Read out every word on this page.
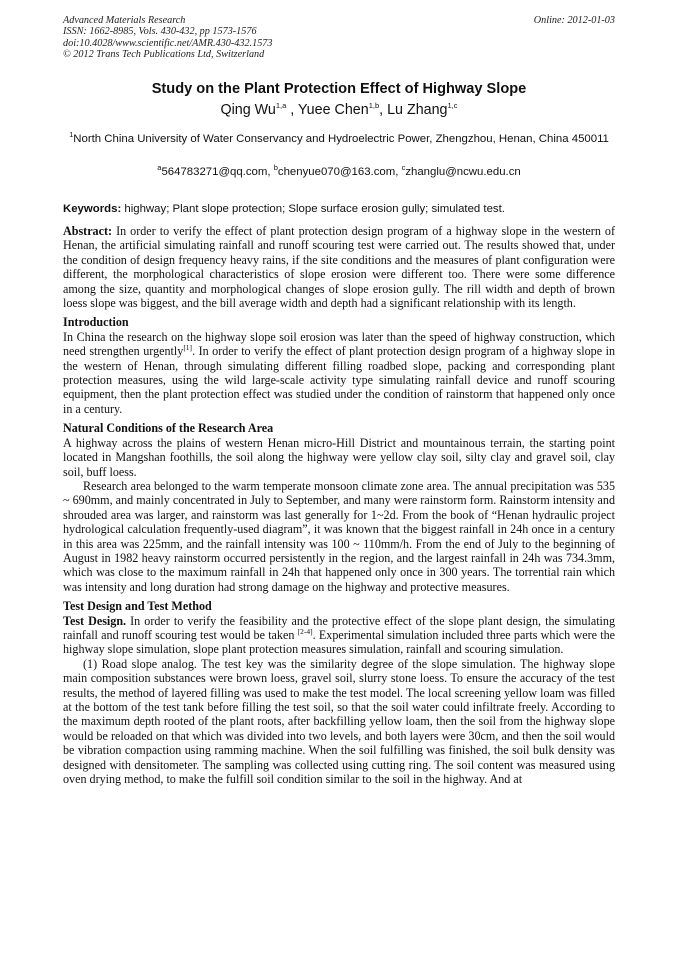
Advanced Materials Research
ISSN: 1662-8985, Vols. 430-432, pp 1573-1576
doi:10.4028/www.scientific.net/AMR.430-432.1573
© 2012 Trans Tech Publications Ltd, Switzerland
Online: 2012-01-03
Study on the Plant Protection Effect of Highway Slope
Qing Wu$^{1,a}$ , Yuee Chen$^{1,b}$, Lu Zhang$^{1,c}$
$^1$North China University of Water Conservancy and Hydroelectric Power, Zhengzhou, Henan, China 450011
$^a$564783271@qq.com, $^b$chenyue070@163.com, $^c$zhanglu@ncwu.edu.cn
Keywords: highway; Plant slope protection; Slope surface erosion gully; simulated test.

Abstract: In order to verify the effect of plant protection design program of a highway slope in the western of Henan, the artificial simulating rainfall and runoff scouring test were carried out. The results showed that, under the condition of design frequency heavy rains, if the site conditions and the measures of plant configuration were different, the morphological characteristics of slope erosion were different too. There were some difference among the size, quantity and morphological changes of slope erosion gully. The rill width and depth of brown loess slope was biggest, and the bill average width and depth had a significant relationship with its length.

Introduction

In China the research on the highway slope soil erosion was later than the speed of highway construction, which need strengthen urgently[1]. In order to verify the effect of plant protection design program of a highway slope in the western of Henan, through simulating different filling roadbed slope, packing and corresponding plant protection measures, using the wild large-scale activity type simulating rainfall device and runoff scouring equipment, then the plant protection effect was studied under the condition of rainstorm that happened only once in a century.

Natural Conditions of the Research Area

A highway across the plains of western Henan micro-Hill District and mountainous terrain, the starting point located in Mangshan foothills, the soil along the highway were yellow clay soil, silty clay and gravel soil, clay soil, buff loess.

Research area belonged to the warm temperate monsoon climate zone area. The annual precipitation was 535 ~ 690mm, and mainly concentrated in July to September, and many were rainstorm form. Rainstorm intensity and shrouded area was larger, and rainstorm was last generally for 1~2d. From the book of “Henan hydraulic project hydrological calculation frequently-used diagram”, it was known that the biggest rainfall in 24h once in a century in this area was 225mm, and the rainfall intensity was 100 ~ 110mm/h. From the end of July to the beginning of August in 1982 heavy rainstorm occurred persistently in the region, and the largest rainfall in 24h was 734.3mm, which was close to the maximum rainfall in 24h that happened only once in 300 years. The torrential rain which was intensity and long duration had strong damage on the highway and protective measures.

Test Design and Test Method

Test Design. In order to verify the feasibility and the protective effect of the slope plant design, the simulating rainfall and runoff scouring test would be taken [2-4]. Experimental simulation included three parts which were the highway slope simulation, slope plant protection measures simulation, rainfall and scouring simulation.

(1) Road slope analog. The test key was the similarity degree of the slope simulation. The highway slope main composition substances were brown loess, gravel soil, slurry stone loess. To ensure the accuracy of the test results, the method of layered filling was used to make the test model. The local screening yellow loam was filled at the bottom of the test tank before filling the test soil, so that the soil water could infiltrate freely. According to the maximum depth rooted of the plant roots, after backfilling yellow loam, then the soil from the highway slope would be reloaded on that which was divided into two levels, and both layers were 30cm, and then the soil would be vibration compaction using ramming machine. When the soil fulfilling was finished, the soil bulk density was designed with densitometer. The sampling was collected using cutting ring. The soil content was measured using oven drying method, to make the fulfill soil condition similar to the soil in the highway. And at
